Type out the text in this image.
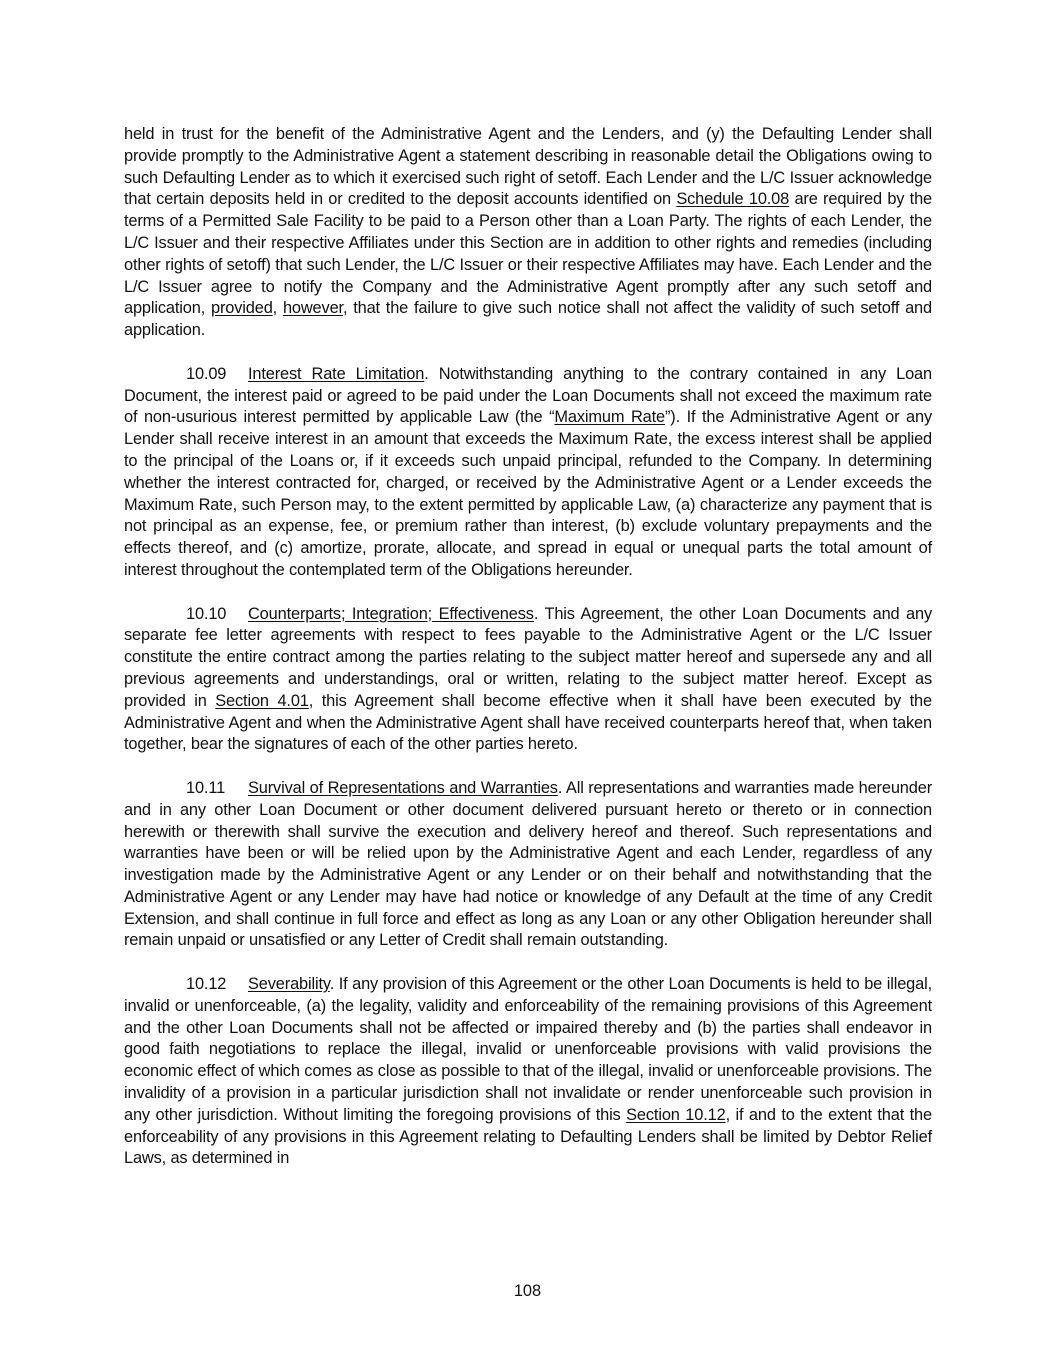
held in trust for the benefit of the Administrative Agent and the Lenders, and (y) the Defaulting Lender shall provide promptly to the Administrative Agent a statement describing in reasonable detail the Obligations owing to such Defaulting Lender as to which it exercised such right of setoff. Each Lender and the L/C Issuer acknowledge that certain deposits held in or credited to the deposit accounts identified on Schedule 10.08 are required by the terms of a Permitted Sale Facility to be paid to a Person other than a Loan Party. The rights of each Lender, the L/C Issuer and their respective Affiliates under this Section are in addition to other rights and remedies (including other rights of setoff) that such Lender, the L/C Issuer or their respective Affiliates may have. Each Lender and the L/C Issuer agree to notify the Company and the Administrative Agent promptly after any such setoff and application, provided, however, that the failure to give such notice shall not affect the validity of such setoff and application.

10.09 Interest Rate Limitation. Notwithstanding anything to the contrary contained in any Loan Document, the interest paid or agreed to be paid under the Loan Documents shall not exceed the maximum rate of non-usurious interest permitted by applicable Law (the “Maximum Rate”). If the Administrative Agent or any Lender shall receive interest in an amount that exceeds the Maximum Rate, the excess interest shall be applied to the principal of the Loans or, if it exceeds such unpaid principal, refunded to the Company. In determining whether the interest contracted for, charged, or received by the Administrative Agent or a Lender exceeds the Maximum Rate, such Person may, to the extent permitted by applicable Law, (a) characterize any payment that is not principal as an expense, fee, or premium rather than interest, (b) exclude voluntary prepayments and the effects thereof, and (c) amortize, prorate, allocate, and spread in equal or unequal parts the total amount of interest throughout the contemplated term of the Obligations hereunder.

10.10 Counterparts; Integration; Effectiveness. This Agreement, the other Loan Documents and any separate fee letter agreements with respect to fees payable to the Administrative Agent or the L/C Issuer constitute the entire contract among the parties relating to the subject matter hereof and supersede any and all previous agreements and understandings, oral or written, relating to the subject matter hereof. Except as provided in Section 4.01, this Agreement shall become effective when it shall have been executed by the Administrative Agent and when the Administrative Agent shall have received counterparts hereof that, when taken together, bear the signatures of each of the other parties hereto.

10.11 Survival of Representations and Warranties. All representations and warranties made hereunder and in any other Loan Document or other document delivered pursuant hereto or thereto or in connection herewith or therewith shall survive the execution and delivery hereof and thereof. Such representations and warranties have been or will be relied upon by the Administrative Agent and each Lender, regardless of any investigation made by the Administrative Agent or any Lender or on their behalf and notwithstanding that the Administrative Agent or any Lender may have had notice or knowledge of any Default at the time of any Credit Extension, and shall continue in full force and effect as long as any Loan or any other Obligation hereunder shall remain unpaid or unsatisfied or any Letter of Credit shall remain outstanding.

10.12 Severability. If any provision of this Agreement or the other Loan Documents is held to be illegal, invalid or unenforceable, (a) the legality, validity and enforceability of the remaining provisions of this Agreement and the other Loan Documents shall not be affected or impaired thereby and (b) the parties shall endeavor in good faith negotiations to replace the illegal, invalid or unenforceable provisions with valid provisions the economic effect of which comes as close as possible to that of the illegal, invalid or unenforceable provisions. The invalidity of a provision in a particular jurisdiction shall not invalidate or render unenforceable such provision in any other jurisdiction. Without limiting the foregoing provisions of this Section 10.12, if and to the extent that the enforceability of any provisions in this Agreement relating to Defaulting Lenders shall be limited by Debtor Relief Laws, as determined in

108
